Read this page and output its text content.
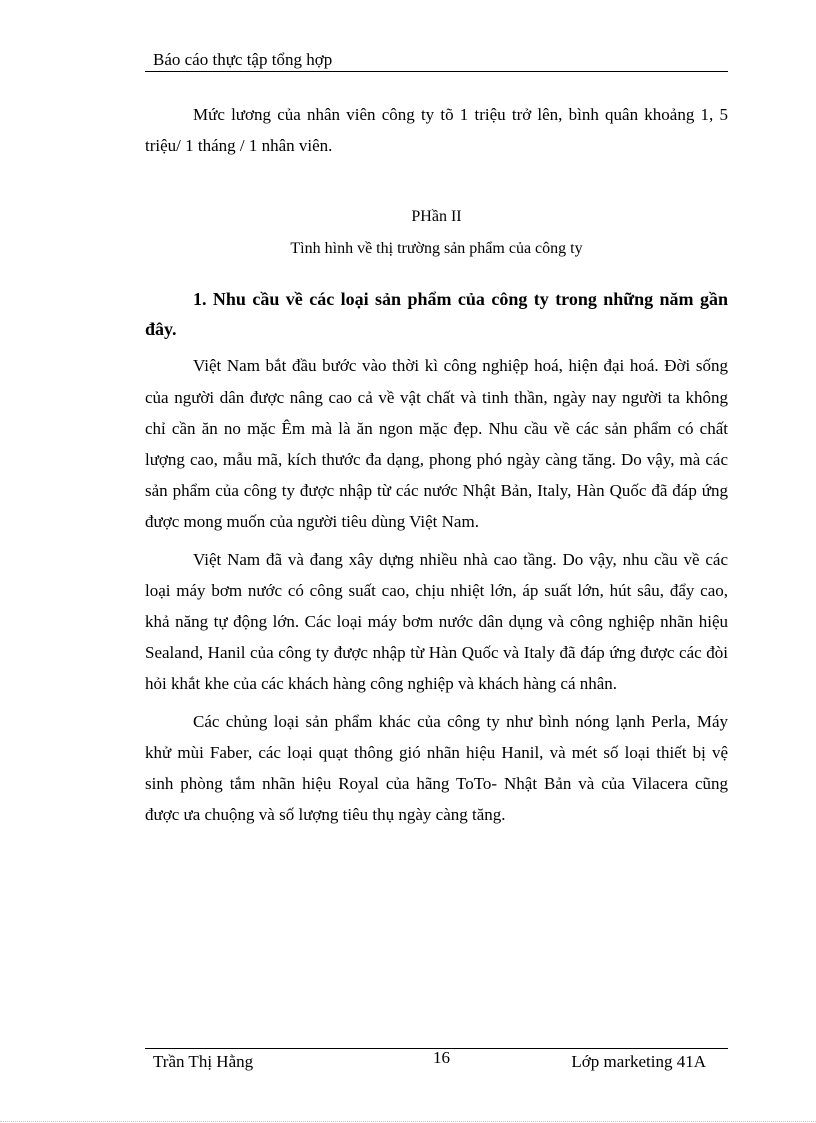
Báo cáo thực tập tổng hợp

Mức lương của nhân viên công ty tõ 1 triệu trở lên, bình quân khoảng 1, 5 triệu/ 1 tháng / 1 nhân viên.

PHần II
Tình hình về thị trường sản phẩm của công ty

1. Nhu cầu về các loại sản phẩm của công ty trong những năm gần đây.

Việt Nam bắt đầu bước vào thời kì công nghiệp hoá, hiện đại hoá. Đời sống của người dân được nâng cao cả về vật chất và tinh thần, ngày nay người ta không chỉ cần ăn no mặc Êm mà là ăn ngon mặc đẹp. Nhu cầu về các sản phẩm có chất lượng cao, mẫu mã, kích thước đa dạng, phong phó ngày càng tăng. Do vậy, mà các sản phẩm của công ty được nhập từ các nước Nhật Bản, Italy, Hàn Quốc đã đáp ứng được mong muốn của người tiêu dùng Việt Nam.

Việt Nam đã và đang xây dựng nhiều nhà cao tầng. Do vậy, nhu cầu về các loại máy bơm nước có công suất cao, chịu nhiệt lớn, áp suất lớn, hút sâu, đẩy cao, khả năng tự động lớn. Các loại máy bơm nước dân dụng và công nghiệp nhãn hiệu Sealand, Hanil của công ty được nhập từ Hàn Quốc và Italy đã đáp ứng được các đòi hỏi khắt khe của các khách hàng công nghiệp và khách hàng cá nhân.

Các chủng loại sản phẩm khác của công ty như bình nóng lạnh Perla, Máy khử mùi Faber, các loại quạt thông gió nhãn hiệu Hanil, và mét số loại thiết bị vệ sinh phòng tắm nhãn hiệu Royal của hãng ToTo- Nhật Bản và của Vilacera cũng được ưa chuộng và số lượng tiêu thụ ngày càng tăng.

Trần Thị Hằng	16	Lớp marketing 41A
